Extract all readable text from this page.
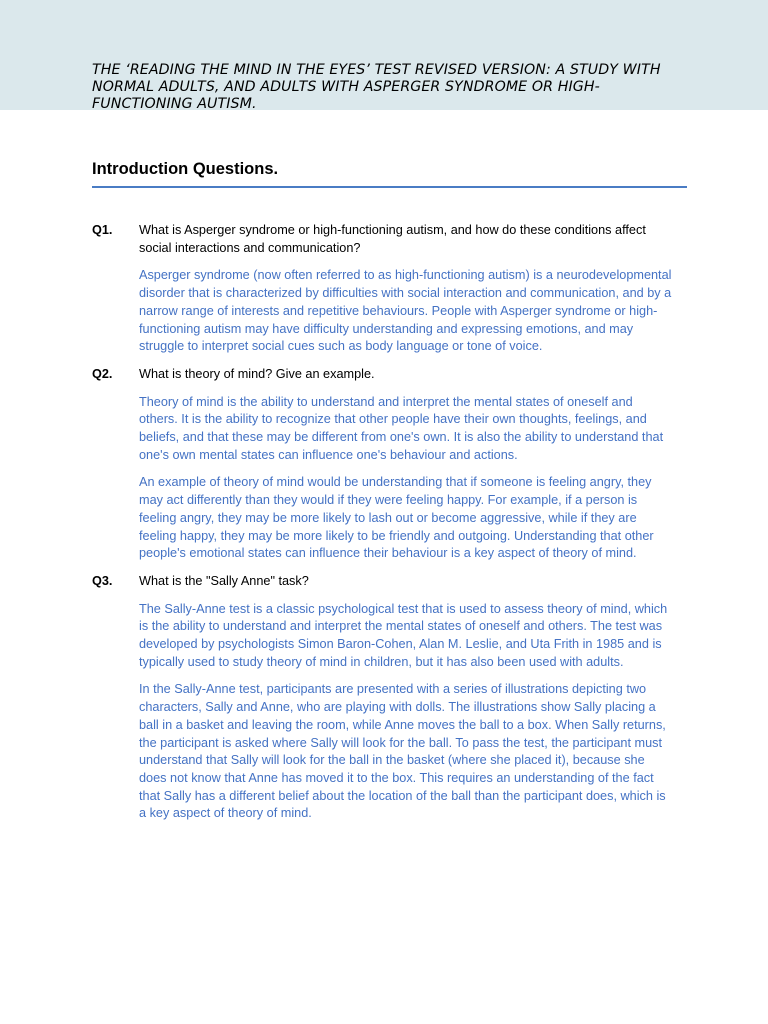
THE ‘READING THE MIND IN THE EYES’ TEST REVISED VERSION: A STUDY WITH NORMAL ADULTS, AND ADULTS WITH ASPERGER SYNDROME OR HIGH-FUNCTIONING AUTISM.
Introduction Questions.
Q1.	What is Asperger syndrome or high-functioning autism, and how do these conditions affect social interactions and communication?

Asperger syndrome (now often referred to as high-functioning autism) is a neurodevelopmental disorder that is characterized by difficulties with social interaction and communication, and by a narrow range of interests and repetitive behaviours. People with Asperger syndrome or high-functioning autism may have difficulty understanding and expressing emotions, and may struggle to interpret social cues such as body language or tone of voice.

Q2.	What is theory of mind? Give an example.

Theory of mind is the ability to understand and interpret the mental states of oneself and others. It is the ability to recognize that other people have their own thoughts, feelings, and beliefs, and that these may be different from one's own. It is also the ability to understand that one's own mental states can influence one's behaviour and actions.

An example of theory of mind would be understanding that if someone is feeling angry, they may act differently than they would if they were feeling happy. For example, if a person is feeling angry, they may be more likely to lash out or become aggressive, while if they are feeling happy, they may be more likely to be friendly and outgoing. Understanding that other people's emotional states can influence their behaviour is a key aspect of theory of mind.

Q3.	What is the "Sally Anne" task?

The Sally-Anne test is a classic psychological test that is used to assess theory of mind, which is the ability to understand and interpret the mental states of oneself and others. The test was developed by psychologists Simon Baron-Cohen, Alan M. Leslie, and Uta Frith in 1985 and is typically used to study theory of mind in children, but it has also been used with adults.

In the Sally-Anne test, participants are presented with a series of illustrations depicting two characters, Sally and Anne, who are playing with dolls. The illustrations show Sally placing a ball in a basket and leaving the room, while Anne moves the ball to a box. When Sally returns, the participant is asked where Sally will look for the ball. To pass the test, the participant must understand that Sally will look for the ball in the basket (where she placed it), because she does not know that Anne has moved it to the box. This requires an understanding of the fact that Sally has a different belief about the location of the ball than the participant does, which is a key aspect of theory of mind.
